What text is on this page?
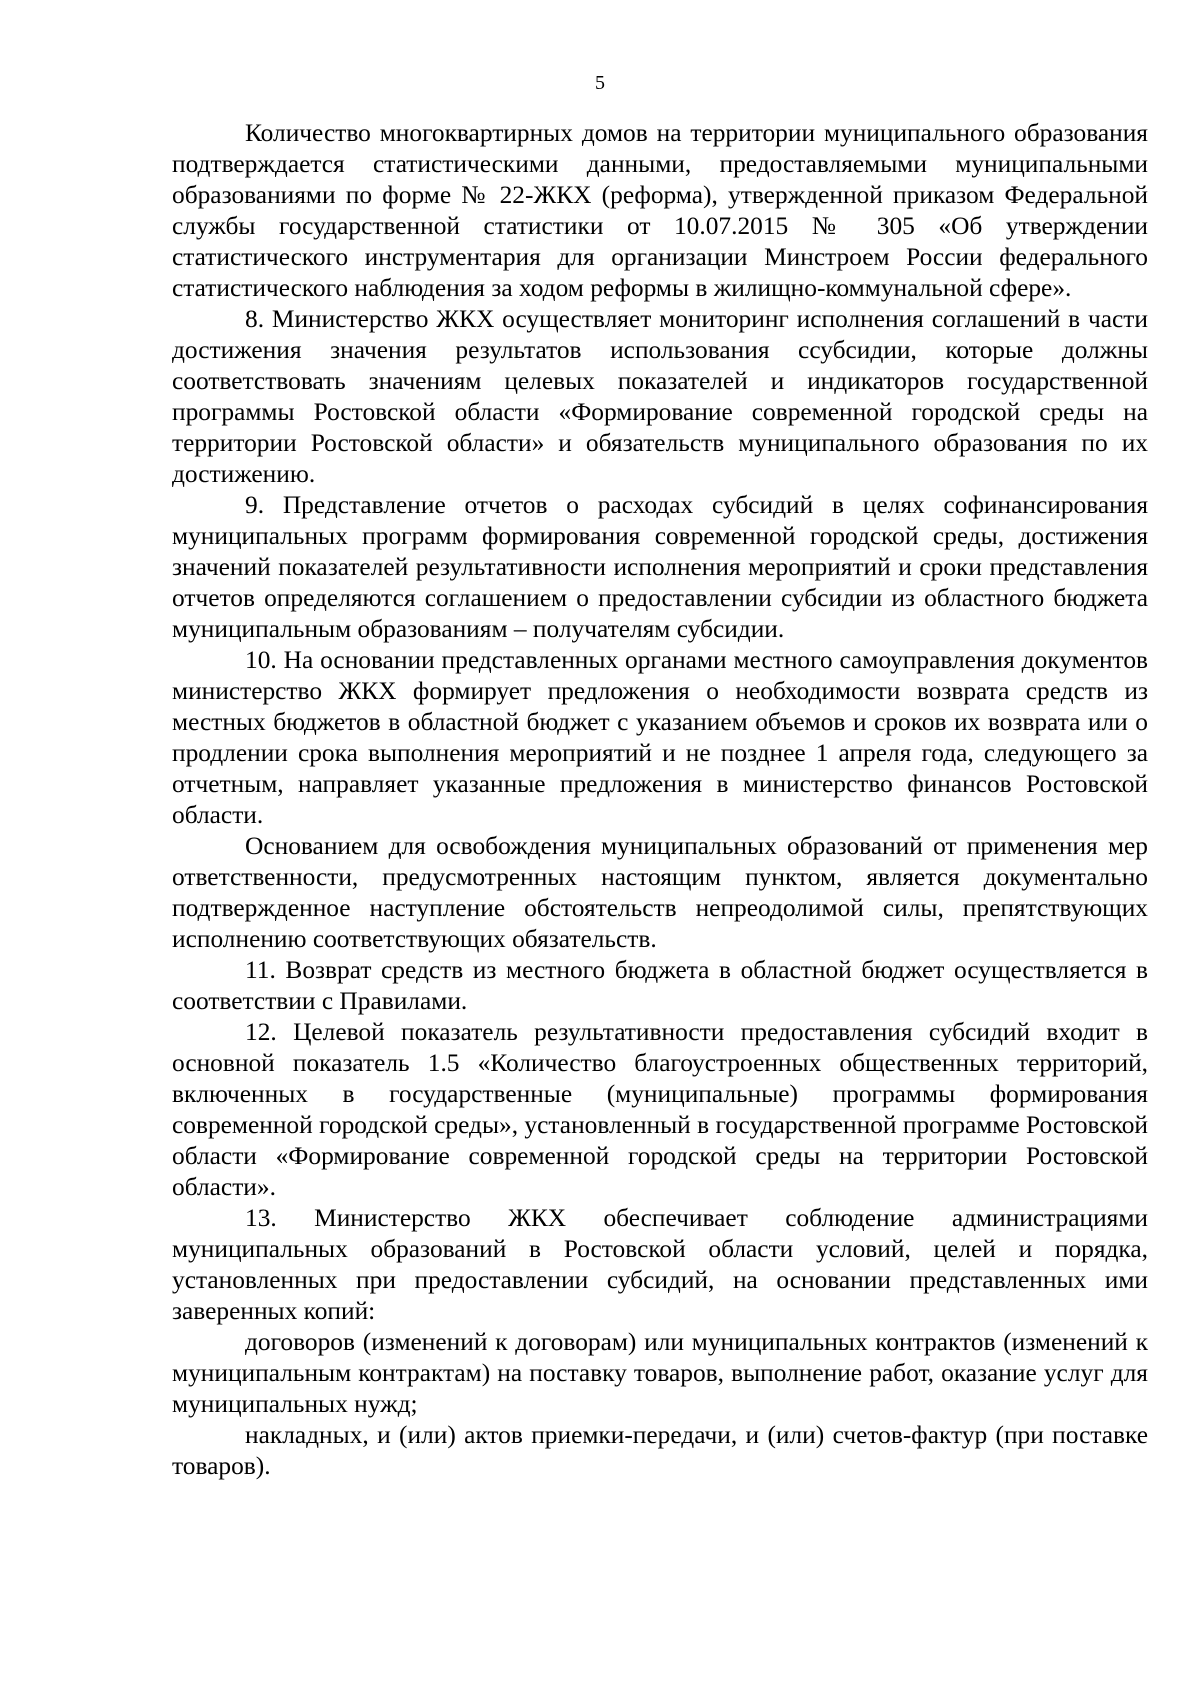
5

Количество многоквартирных домов на территории муниципального образования подтверждается статистическими данными, предоставляемыми муниципальными образованиями по форме № 22-ЖКХ (реформа), утвержденной приказом Федеральной службы государственной статистики от 10.07.2015 № 305 «Об утверждении статистического инструментария для организации Минстроем России федерального статистического наблюдения за ходом реформы в жилищно-коммунальной сфере».

8. Министерство ЖКХ осуществляет мониторинг исполнения соглашений в части достижения значения результатов использования ссубсидии, которые должны соответствовать значениям целевых показателей и индикаторов государственной программы Ростовской области «Формирование современной городской среды на территории Ростовской области» и обязательств муниципального образования по их достижению.

9. Представление отчетов о расходах субсидий в целях софинансирования муниципальных программ формирования современной городской среды, достижения значений показателей результативности исполнения мероприятий и сроки представления отчетов определяются соглашением о предоставлении субсидии из областного бюджета муниципальным образованиям – получателям субсидии.

10. На основании представленных органами местного самоуправления документов министерство ЖКХ формирует предложения о необходимости возврата средств из местных бюджетов в областной бюджет с указанием объемов и сроков их возврата или о продлении срока выполнения мероприятий и не позднее 1 апреля года, следующего за отчетным, направляет указанные предложения в министерство финансов Ростовской области.

Основанием для освобождения муниципальных образований от применения мер ответственности, предусмотренных настоящим пунктом, является документально подтвержденное наступление обстоятельств непреодолимой силы, препятствующих исполнению соответствующих обязательств.

11. Возврат средств из местного бюджета в областной бюджет осуществляется в соответствии с Правилами.

12. Целевой показатель результативности предоставления субсидий входит в основной показатель 1.5 «Количество благоустроенных общественных территорий, включенных в государственные (муниципальные) программы формирования современной городской среды», установленный в государственной программе Ростовской области «Формирование современной городской среды на территории Ростовской области».

13. Министерство ЖКХ обеспечивает соблюдение администрациями муниципальных образований в Ростовской области условий, целей и порядка, установленных при предоставлении субсидий, на основании представленных ими заверенных копий:

договоров (изменений к договорам) или муниципальных контрактов (изменений к муниципальным контрактам) на поставку товаров, выполнение работ, оказание услуг для муниципальных нужд;

накладных, и (или) актов приемки-передачи, и (или) счетов-фактур (при поставке товаров).
